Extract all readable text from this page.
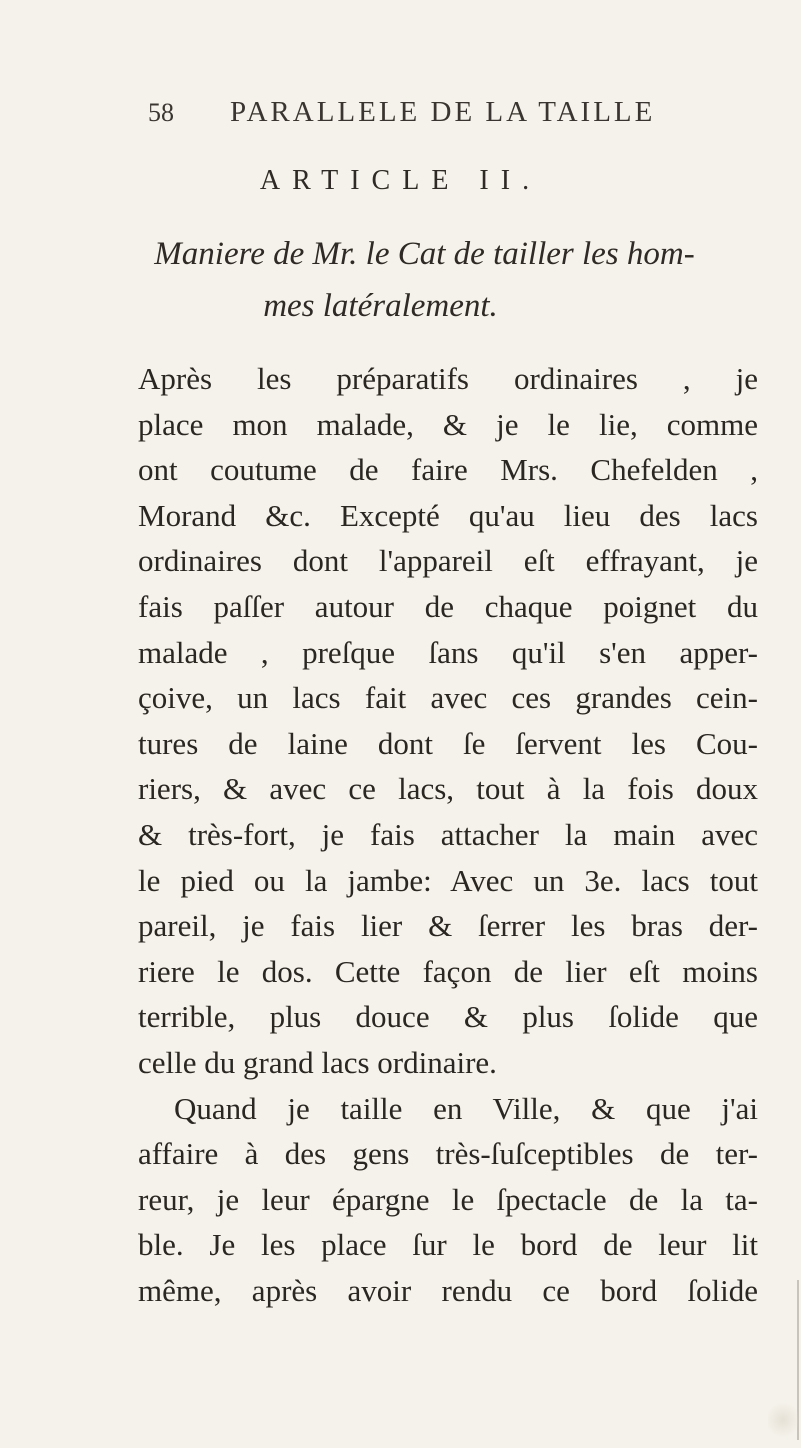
58 PARALLELE DE LA TAILLE
ARTICLE II.
Maniere de Mr. le Cat de tailler les hom-
mes latéralement.
Après les préparatifs ordinaires , je
place mon malade, & je le lie, comme
ont coutume de faire Mrs. Chefelden ,
Morand &c. Excepté qu'au lieu des lacs
ordinaires dont l'appareil eſt effrayant, je
fais paſſer autour de chaque poignet du
malade , preſque ſans qu'il s'en apper-
çoive, un lacs fait avec ces grandes cein-
tures de laine dont ſe ſervent les Cou-
riers, & avec ce lacs, tout à la fois doux
& très-fort, je fais attacher la main avec
le pied ou la jambe: Avec un 3e. lacs tout
pareil, je fais lier & ſerrer les bras der-
riere le dos. Cette façon de lier eſt moins
terrible, plus douce & plus ſolide que
celle du grand lacs ordinaire.
Quand je taille en Ville, & que j'ai
affaire à des gens très-ſuſceptibles de ter-
reur, je leur épargne le ſpectacle de la ta-
ble. Je les place ſur le bord de leur lit
même, après avoir rendu ce bord ſolide
